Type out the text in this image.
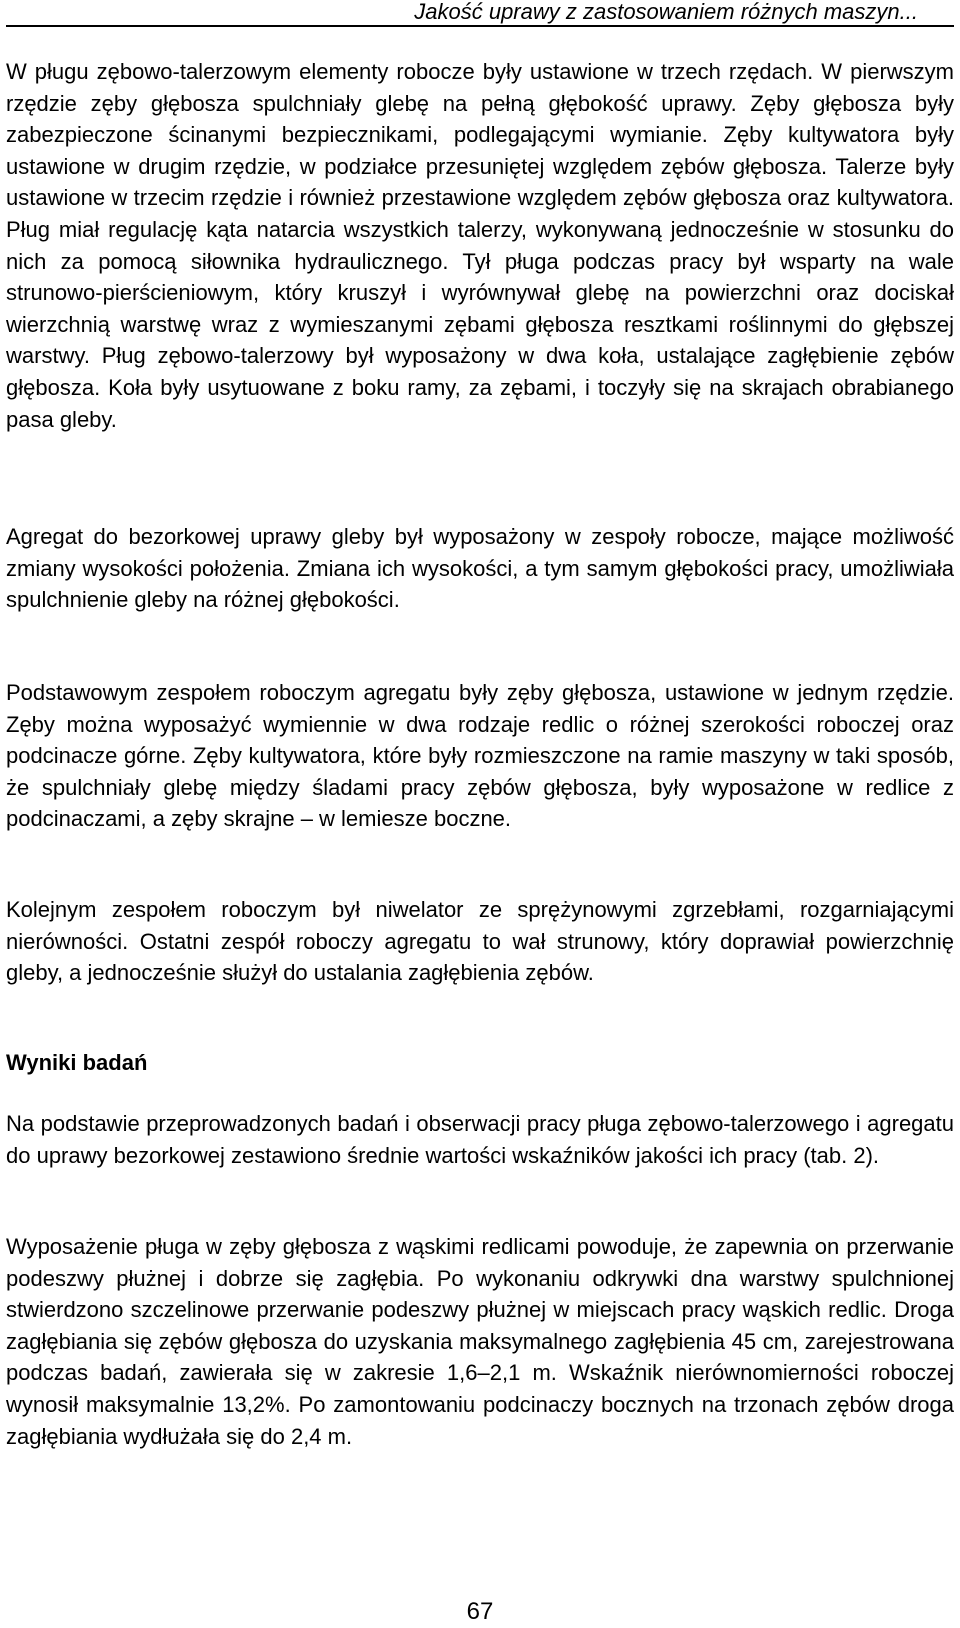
Jakość uprawy z zastosowaniem różnych maszyn...

W pługu zębowo-talerzowym elementy robocze były ustawione w trzech rzędach. W pierwszym rzędzie zęby głębosza spulchniały glebę na pełną głębokość uprawy. Zęby głębosza były zabezpieczone ścinanymi bezpiecznikami, podlegającymi wymianie. Zęby kultywatora były ustawione w drugim rzędzie, w podziałce przesuniętej względem zębów głębosza. Talerze były ustawione w trzecim rzędzie i również przestawione względem zębów głębosza oraz kultywatora. Pług miał regulację kąta natarcia wszystkich talerzy, wykonywaną jednocześnie w stosunku do nich za pomocą siłownika hydraulicznego. Tył pługa podczas pracy był wsparty na wale strunowo-pierścieniowym, który kruszył i wyrównywał glebę na powierzchni oraz dociskał wierzchnią warstwę wraz z wymieszanymi zębami głębosza resztkami roślinnymi do głębszej warstwy. Pług zębowo-talerzowy był wyposażony w dwa koła, ustalające zagłębienie zębów głębosza. Koła były usytuowane z boku ramy, za zębami, i toczyły się na skrajach obrabianego pasa gleby.

Agregat do bezorkowej uprawy gleby był wyposażony w zespoły robocze, mające możliwość zmiany wysokości położenia. Zmiana ich wysokości, a tym samym głębokości pracy, umożliwiała spulchnienie gleby na różnej głębokości.

Podstawowym zespołem roboczym agregatu były zęby głębosza, ustawione w jednym rzędzie. Zęby można wyposażyć wymiennie w dwa rodzaje redlic o różnej szerokości roboczej oraz podcinacze górne. Zęby kultywatora, które były rozmieszczone na ramie maszyny w taki sposób, że spulchniały glebę między śladami pracy zębów głębosza, były wyposażone w redlice z podcinaczami, a zęby skrajne – w lemiesze boczne.

Kolejnym zespołem roboczym był niwelator ze sprężynowymi zgrzebłami, rozgarniającymi nierówności. Ostatni zespół roboczy agregatu to wał strunowy, który doprawiał powierzchnię gleby, a jednocześnie służył do ustalania zagłębienia zębów.

Wyniki badań

Na podstawie przeprowadzonych badań i obserwacji pracy pługa zębowo-talerzowego i agregatu do uprawy bezorkowej zestawiono średnie wartości wskaźników jakości ich pracy (tab. 2).

Wyposażenie pługa w zęby głębosza z wąskimi redlicami powoduje, że zapewnia on przerwanie podeszwy płużnej i dobrze się zagłębia. Po wykonaniu odkrywki dna warstwy spulchnionej stwierdzono szczelinowe przerwanie podeszwy płużnej w miejscach pracy wąskich redlic. Droga zagłębiania się zębów głębosza do uzyskania maksymalnego zagłębienia 45 cm, zarejestrowana podczas badań, zawierała się w zakresie 1,6–2,1 m. Wskaźnik nierównomierności roboczej wynosił maksymalnie 13,2%. Po zamontowaniu podcinaczy bocznych na trzonach zębów droga zagłębiania wydłużała się do 2,4 m.

67
